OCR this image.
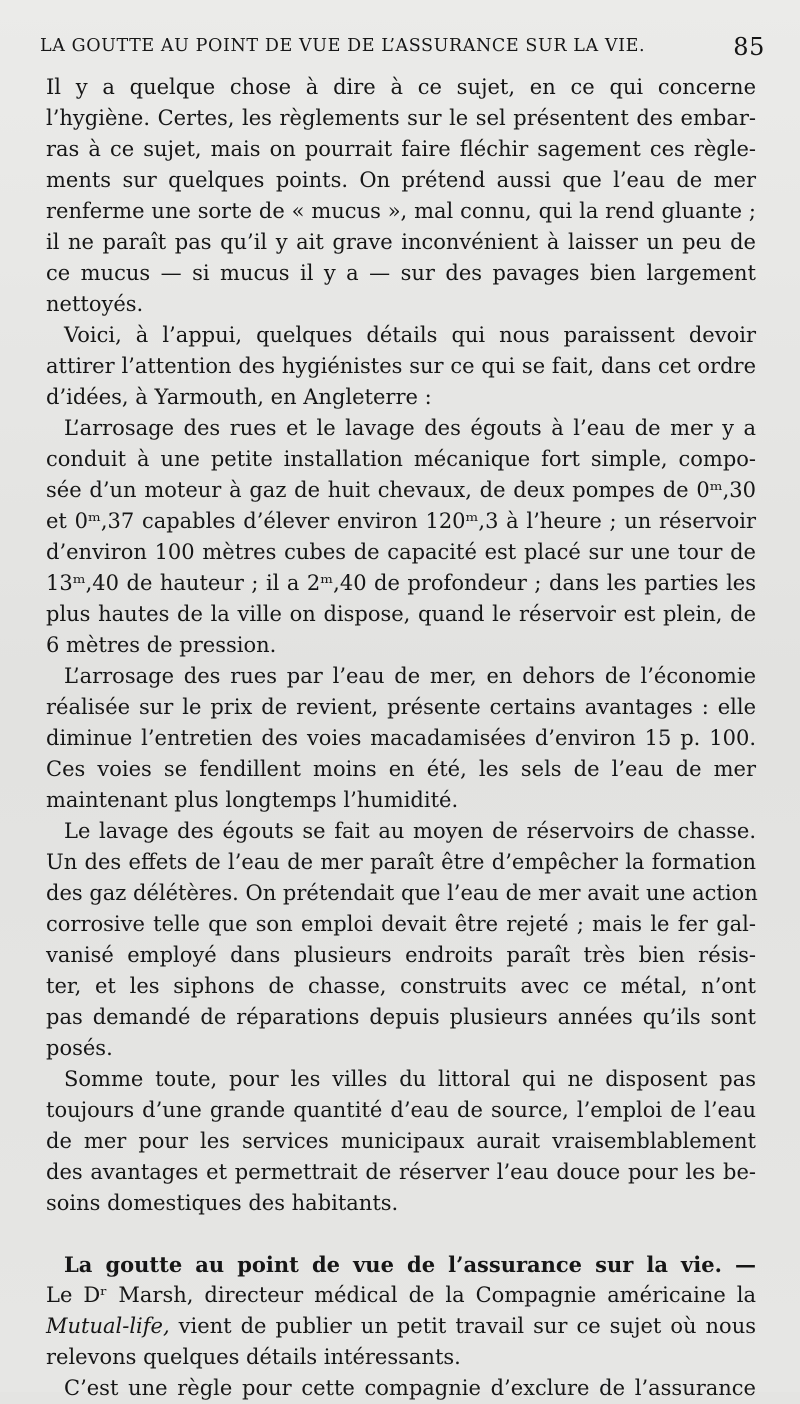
LA GOUTTE AU POINT DE VUE DE L’ASSURANCE SUR LA VIE.	85
Il y a quelque chose à dire à ce sujet, en ce qui concerne
l’hygiène. Certes, les règlements sur le sel présentent des embar-
ras à ce sujet, mais on pourrait faire fléchir sagement ces règle-
ments sur quelques points. On prétend aussi que l’eau de mer
renferme une sorte de « mucus », mal connu, qui la rend gluante ;
il ne paraît pas qu’il y ait grave inconvénient à laisser un peu de
ce mucus — si mucus il y a — sur des pavages bien largement
nettoyés.
Voici, à l’appui, quelques détails qui nous paraissent devoir
attirer l’attention des hygiénistes sur ce qui se fait, dans cet ordre
d’idées, à Yarmouth, en Angleterre :
L’arrosage des rues et le lavage des égouts à l’eau de mer y a
conduit à une petite installation mécanique fort simple, compo-
sée d’un moteur à gaz de huit chevaux, de deux pompes de 0ᵐ,30
et 0ᵐ,37 capables d’élever environ 120ᵐ,3 à l’heure ; un réservoir
d’environ 100 mètres cubes de capacité est placé sur une tour de
13ᵐ,40 de hauteur ; il a 2ᵐ,40 de profondeur ; dans les parties les
plus hautes de la ville on dispose, quand le réservoir est plein, de
6 mètres de pression.
L’arrosage des rues par l’eau de mer, en dehors de l’économie
réalisée sur le prix de revient, présente certains avantages : elle
diminue l’entretien des voies macadamisées d’environ 15 p. 100.
Ces voies se fendillent moins en été, les sels de l’eau de mer
maintenant plus longtemps l’humidité.
Le lavage des égouts se fait au moyen de réservoirs de chasse.
Un des effets de l’eau de mer paraît être d’empêcher la formation
des gaz délétères. On prétendait que l’eau de mer avait une action
corrosive telle que son emploi devait être rejeté ; mais le fer gal-
vanisé employé dans plusieurs endroits paraît très bien résis-
ter, et les siphons de chasse, construits avec ce métal, n’ont
pas demandé de réparations depuis plusieurs années qu’ils sont
posés.
Somme toute, pour les villes du littoral qui ne disposent pas
toujours d’une grande quantité d’eau de source, l’emploi de l’eau
de mer pour les services municipaux aurait vraisemblablement
des avantages et permettrait de réserver l’eau douce pour les be-
soins domestiques des habitants.
La goutte au point de vue de l’assurance sur la vie. —
Le Dʳ Marsh, directeur médical de la Compagnie américaine la
Mutual-life, vient de publier un petit travail sur ce sujet où nous
relevons quelques détails intéressants.
C’est une règle pour cette compagnie d’exclure de l’assurance
